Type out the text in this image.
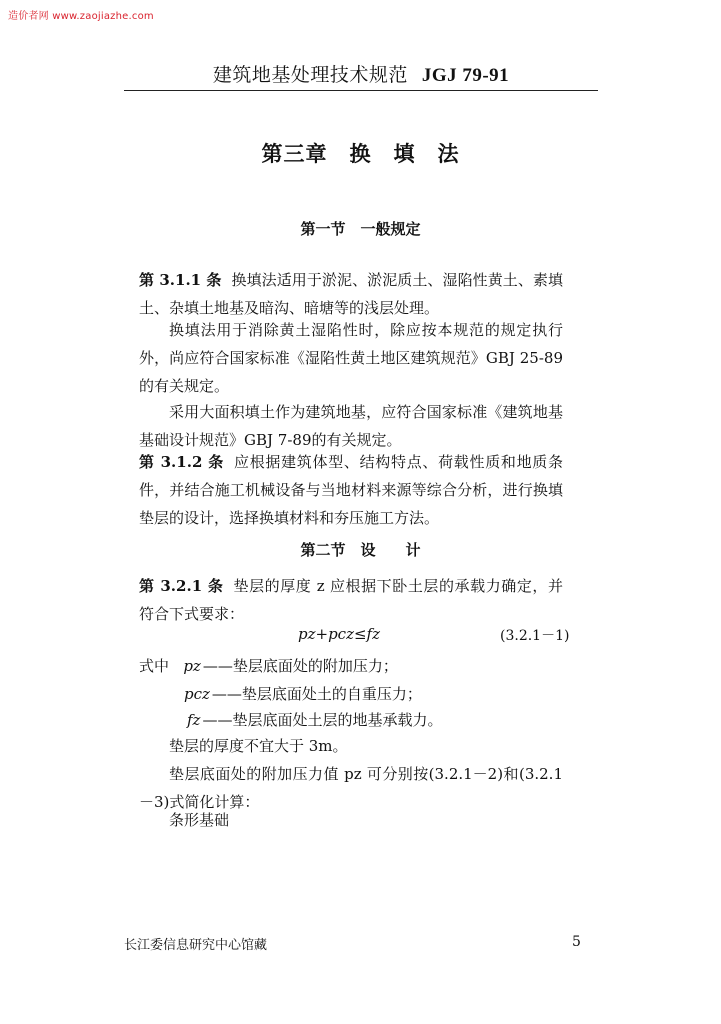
造价者网 www.zaojiazhe.com
建筑地基处理技术规范 JGJ 79-91
第三章　换　填　法
第一节　一般规定
第 3.1.1 条 换填法适用于淤泥、淤泥质土、湿陷性黄土、素填土、杂填土地基及暗沟、暗塘等的浅层处理。
换填法用于消除黄土湿陷性时，除应按本规范的规定执行外，尚应符合国家标准《湿陷性黄土地区建筑规范》GBJ 25-89的有关规定。
采用大面积填土作为建筑地基，应符合国家标准《建筑地基基础设计规范》GBJ 7-89的有关规定。
第 3.1.2 条 应根据建筑体型、结构特点、荷载性质和地质条件，并结合施工机械设备与当地材料来源等综合分析，进行换填垫层的设计，选择换填材料和夯压施工方法。
第二节　设　　计
第 3.2.1 条 垫层的厚度 z 应根据下卧土层的承载力确定，并符合下式要求：
pz+pcz≤fz	(3.2.1－1)
式中 pz ——垫层底面处的附加压力；
pcz ——垫层底面处土的自重压力；
fz ——垫层底面处土层的地基承载力。
垫层的厚度不宜大于 3m。
垫层底面处的附加压力值 pz 可分别按(3.2.1－2)和(3.2.1－3)式简化计算：
条形基础
长江委信息研究中心馆藏	5
